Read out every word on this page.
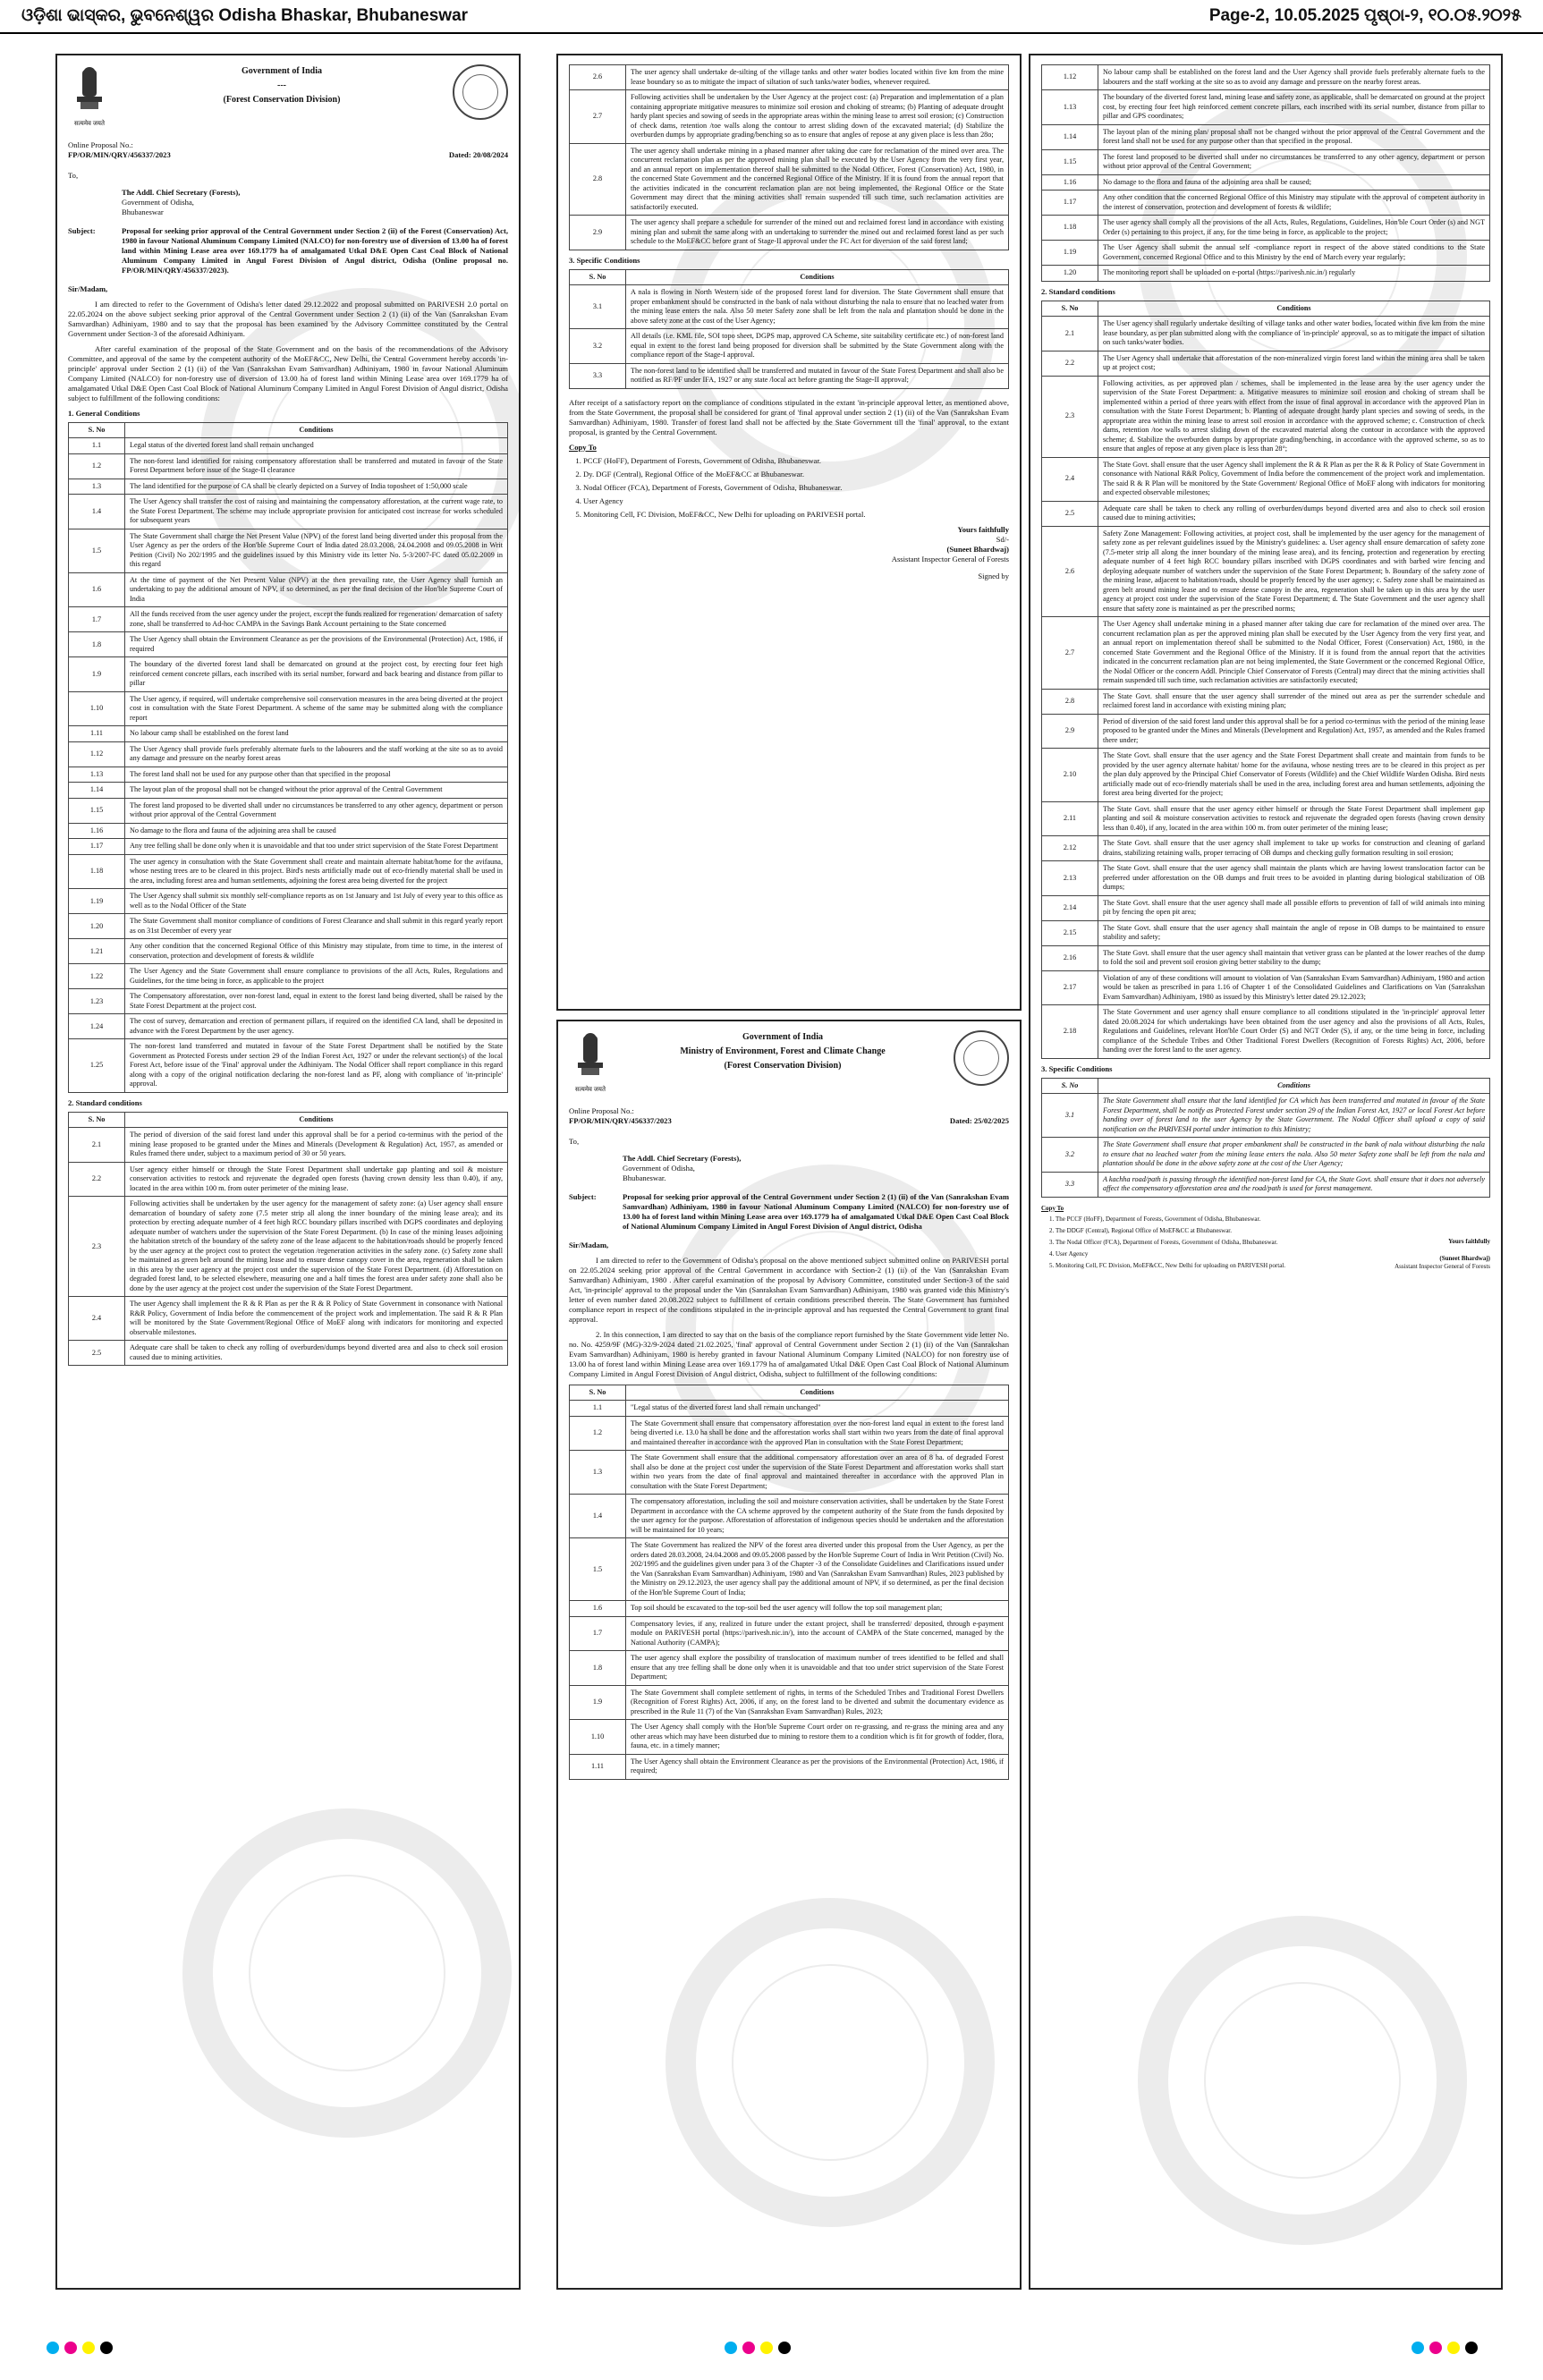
ଓଡ଼ିଶା ଭାସ୍କର, ଭୁବନେଶ୍ୱର Odisha Bhaskar, Bhubaneswar	Page-2, 10.05.2025 ପୃଷ୍ଠା-୨, ୧୦.୦୫.୨୦୨୫
सत्यमेव जयते
Government of India
---
(Forest Conservation Division)
Online Proposal No.:
FP/OR/MIN/QRY/456337/2023	Dated: 20/08/2024
To,
The Addl. Chief Secretary (Forests),
Government of Odisha,
Bhubaneswar
Subject:	Proposal for seeking prior approval of the Central Government under Section 2 (ii) of the Forest (Conservation) Act, 1980 in favour National Aluminum Company Limited (NALCO) for non-forestry use of diversion of 13.00 ha of forest land within Mining Lease area over 169.1779 ha of amalgamated Utkal D&E Open Cast Coal Block of National Aluminum Company Limited in Angul Forest Division of Angul district, Odisha (Online proposal no. FP/OR/MIN/QRY/456337/2023).
Sir/Madam,

I am directed to refer to the Government of Odisha's letter dated 29.12.2022 and proposal submitted on PARIVESH 2.0 portal on 22.05.2024 on the above subject seeking prior approval of the Central Government under Section 2 (1) (ii) of the Van (Sanrakshan Evam Samvardhan) Adhiniyam, 1980 and to say that the proposal has been examined by the Advisory Committee constituted by the Central Government under Section-3 of the aforesaid Adhiniyam.

After careful examination of the proposal of the State Government and on the basis of the recommendations of the Advisory Committee, and approval of the same by the competent authority of the MoEF&CC, New Delhi, the Central Government hereby accords 'in-principle' approval under Section 2 (1) (ii) of the Van (Sanrakshan Evam Samvardhan) Adhiniyam, 1980 in favour National Aluminum Company Limited (NALCO) for non-forestry use of diversion of 13.00 ha of forest land within Mining Lease area over 169.1779 ha of amalgamated Utkal D&E Open Cast Coal Block of National Aluminum Company Limited in Angul Forest Division of Angul district, Odisha subject to fulfillment of the following conditions:

1. General Conditions
S. No	Conditions
1.1	Legal status of the diverted forest land shall remain unchanged
1.2	The non-forest land identified for raising compensatory afforestation shall be transferred and mutated in favour of the State Forest Department before issue of the Stage-II clearance
1.3	The land identified for the purpose of CA shall be clearly depicted on a Survey of India toposheet of 1:50,000 scale
1.4	The User Agency shall transfer the cost of raising and maintaining the compensatory afforestation, at the current wage rate, to the State Forest Department. The scheme may include appropriate provision for anticipated cost increase for works scheduled for subsequent years
1.5	The State Government shall charge the Net Present Value (NPV) of the forest land being diverted under this proposal from the User Agency as per the orders of the Hon'ble Supreme Court of India dated 28.03.2008, 24.04.2008 and 09.05.2008 in Writ Petition (Civil) No 202/1995 and the guidelines issued by this Ministry vide its letter No. 5-3/2007-FC dated 05.02.2009 in this regard
1.6	At the time of payment of the Net Present Value (NPV) at the then prevailing rate, the User Agency shall furnish an undertaking to pay the additional amount of NPV, if so determined, as per the final decision of the Hon'ble Supreme Court of India
1.7	All the funds received from the user agency under the project, except the funds realized for regeneration/ demarcation of safety zone, shall be transferred to Ad-hoc CAMPA in the Savings Bank Account pertaining to the State concerned
1.8	The User Agency shall obtain the Environment Clearance as per the provisions of the Environmental (Protection) Act, 1986, if required
1.9	The boundary of the diverted forest land shall be demarcated on ground at the project cost, by erecting four feet high reinforced cement concrete pillars, each inscribed with its serial number, forward and back bearing and distance from pillar to pillar
1.10	The User agency, if required, will undertake comprehensive soil conservation measures in the area being diverted at the project cost in consultation with the State Forest Department. A scheme of the same may be submitted along with the compliance report
1.11	No labour camp shall be established on the forest land
1.12	The User Agency shall provide fuels preferably alternate fuels to the labourers and the staff working at the site so as to avoid any damage and pressure on the nearby forest areas
1.13	The forest land shall not be used for any purpose other than that specified in the proposal
1.14	The layout plan of the proposal shall not be changed without the prior approval of the Central Government
1.15	The forest land proposed to be diverted shall under no circumstances be transferred to any other agency, department or person without prior approval of the Central Government
1.16	No damage to the flora and fauna of the adjoining area shall be caused
1.17	Any tree felling shall be done only when it is unavoidable and that too under strict supervision of the State Forest Department
1.18	The user agency in consultation with the State Government shall create and maintain alternate habitat/home for the avifauna, whose nesting trees are to be cleared in this project. Bird's nests artificially made out of eco-friendly material shall be used in the area, including forest area and human settlements, adjoining the forest area being diverted for the project
1.19	The User Agency shall submit six monthly self-compliance reports as on 1st January and 1st July of every year to this office as well as to the Nodal Officer of the State
1.20	The State Government shall monitor compliance of conditions of Forest Clearance and shall submit in this regard yearly report as on 31st December of every year
1.21	Any other condition that the concerned Regional Office of this Ministry may stipulate, from time to time, in the interest of conservation, protection and development of forests & wildlife
1.22	The User Agency and the State Government shall ensure compliance to provisions of the all Acts, Rules, Regulations and Guidelines, for the time being in force, as applicable to the project
1.23	The Compensatory afforestation, over non-forest land, equal in extent to the forest land being diverted, shall be raised by the State Forest Department at the project cost.
1.24	The cost of survey, demarcation and erection of permanent pillars, if required on the identified CA land, shall be deposited in advance with the Forest Department by the user agency.
1.25	The non-forest land transferred and mutated in favour of the State Forest Department shall be notified by the State Government as Protected Forests under section 29 of the Indian Forest Act, 1927 or under the relevant section(s) of the local Forest Act, before issue of the 'Final' approval under the Adhiniyam. The Nodal Officer shall report compliance in this regard along with a copy of the original notification declaring the non-forest land as PF, along with compliance of 'in-principle' approval.
2. Standard conditions
S. No	Conditions
2.1	The period of diversion of the said forest land under this approval shall be for a period co-terminus with the period of the mining lease proposed to be granted under the Mines and Minerals (Development & Regulation) Act, 1957, as amended or Rules framed there under, subject to a maximum period of 30 or 50 years.
2.2	User agency either himself or through the State Forest Department shall undertake gap planting and soil & moisture conservation activities to restock and rejuvenate the degraded open forests (having crown density less than 0.40), if any, located in the area within 100 m. from outer perimeter of the mining lease.
2.3	Following activities shall be undertaken by the user agency for the management of safety zone: (a) User agency shall ensure demarcation of boundary of safety zone (7.5 meter strip all along the inner boundary of the mining lease area); and its protection by erecting adequate number of 4 feet high RCC boundary pillars inscribed with DGPS coordinates and deploying adequate number of watchers under the supervision of the State Forest Department. (b) In case of the mining leases adjoining the habitation stretch of the boundary of the safety zone of the lease adjacent to the habitation/roads should be properly fenced by the user agency at the project cost to protect the vegetation /regeneration activities in the safety zone. (c) Safety zone shall be maintained as green belt around the mining lease and to ensure dense canopy cover in the area, regeneration shall be taken in this area by the user agency at the project cost under the supervision of the State Forest Department. (d) Afforestation on degraded forest land, to be selected elsewhere, measuring one and a half times the forest area under safety zone shall also be done by the user agency at the project cost under the supervision of the State Forest Department.
2.4	The user Agency shall implement the R & R Plan as per the R & R Policy of State Government in consonance with National R&R Policy, Government of India before the commencement of the project work and implementation. The said R & R Plan will be monitored by the State Government/Regional Office of MoEF along with indicators for monitoring and expected observable milestones.
2.5	Adequate care shall be taken to check any rolling of overburden/dumps beyond diverted area and also to check soil erosion caused due to mining activities.
2.6	The user agency shall undertake de-silting of the village tanks and other water bodies located within five km from the mine lease boundary so as to mitigate the impact of siltation of such tanks/water bodies, whenever required.
2.7	Following activities shall be undertaken by the User Agency at the project cost: (a) Preparation and implementation of a plan containing appropriate mitigative measures to minimize soil erosion and choking of streams; (b) Planting of adequate drought hardy plant species and sowing of seeds in the appropriate areas within the mining lease to arrest soil erosion; (c) Construction of check dams, retention /toe walls along the contour to arrest sliding down of the excavated material; (d) Stabilize the overburden dumps by appropriate grading/benching so as to ensure that angles of repose at any given place is less than 28o;
2.8	The user agency shall undertake mining in a phased manner after taking due care for reclamation of the mined over area. The concurrent reclamation plan as per the approved mining plan shall be executed by the User Agency from the very first year, and an annual report on implementation thereof shall be submitted to the Nodal Officer, Forest (Conservation) Act, 1980, in the concerned State Government and the concerned Regional Office of the Ministry. If it is found from the annual report that the activities indicated in the concurrent reclamation plan are not being implemented, the Regional Office or the State Government may direct that the mining activities shall remain suspended till such time, such reclamation activities are satisfactorily executed.
2.9	The user agency shall prepare a schedule for surrender of the mined out and reclaimed forest land in accordance with existing mining plan and submit the same along with an undertaking to surrender the mined out and reclaimed forest land as per such schedule to the MoEF&CC before grant of Stage-II approval under the FC Act for diversion of the said forest land;
3. Specific Conditions
S. No	Conditions
3.1	A nala is flowing in North Western side of the proposed forest land for diversion. The State Government shall ensure that proper embankment should be constructed in the bank of nala without disturbing the nala to ensure that no leached water from the mining lease enters the nala. Also 50 meter Safety zone shall be left from the nala and plantation should be done in the above safety zone at the cost of the User Agency;
3.2	All details (i.e. KML file, SOI topo sheet, DGPS map, approved CA Scheme, site suitability certificate etc.) of non-forest land equal in extent to the forest land being proposed for diversion shall be submitted by the State Government along with the compliance report of the Stage-I approval.
3.3	The non-forest land to be identified shall be transferred and mutated in favour of the State Forest Department and shall also be notified as RF/PF under IFA, 1927 or any state /local act before granting the Stage-II approval;

After receipt of a satisfactory report on the compliance of conditions stipulated in the extant 'in-principle approval letter, as mentioned above, from the State Government, the proposal shall be considered for grant of 'final approval under section 2 (1) (ii) of the Van (Sanrakshan Evam Samvardhan) Adhiniyam, 1980. Transfer of forest land shall not be affected by the State Government till the 'final' approval, to the extant proposal, is granted by the Central Government.

Copy To
1. PCCF (HoFF), Department of Forests, Government of Odisha, Bhubaneswar.
2. Dy. DGF (Central), Regional Office of the MoEF&CC at Bhubaneswar.
3. Nodal Officer (FCA), Department of Forests, Government of Odisha, Bhubaneswar.
4. User Agency
5. Monitoring Cell, FC Division, MoEF&CC, New Delhi for uploading on PARIVESH portal.
Yours faithfully
Sd/-
(Suneet Bhardwaj)
Assistant Inspector General of Forests
Signed by
सत्यमेव जयते
Government of India
Ministry of Environment, Forest and Climate Change
(Forest Conservation Division)
Online Proposal No.:
FP/OR/MIN/QRY/456337/2023	Dated: 25/02/2025
To,
The Addl. Chief Secretary (Forests),
Government of Odisha,
Bhubaneswar.
Subject:	Proposal for seeking prior approval of the Central Government under Section 2 (1) (ii) of the Van (Sanrakshan Evam Samvardhan) Adhiniyam, 1980 in favour National Aluminum Company Limited (NALCO) for non-forestry use of 13.00 ha of forest land within Mining Lease area over 169.1779 ha of amalgamated Utkal D&E Open Cast Coal Block of National Aluminum Company Limited in Angul Forest Division of Angul district, Odisha
Sir/Madam,

I am directed to refer to the Government of Odisha's proposal on the above mentioned subject submitted online on PARIVESH portal on 22.05.2024 seeking prior approval of the Central Government in accordance with Section-2 (1) (ii) of the Van (Sanrakshan Evam Samvardhan) Adhiniyam, 1980 . After careful examination of the proposal by Advisory Committee, constituted under Section-3 of the said Act, 'in-principle' approval to the proposal under the Van (Sanrakshan Evam Samvardhan) Adhiniyam, 1980 was granted vide this Ministry's letter of even number dated 20.08.2022 subject to fulfillment of certain conditions prescribed therein. The State Government has furnished compliance report in respect of the conditions stipulated in the in-principle approval and has requested the Central Government to grant final approval.

2. In this connection, I am directed to say that on the basis of the compliance report furnished by the State Government vide letter No. no. No. 4259/9F (MG)-32/9-2024 dated 21.02.2025, 'final' approval of Central Government under Section 2 (1) (ii) of the Van (Sanrakshan Evam Samvardhan) Adhiniyam, 1980 is hereby granted in favour National Aluminum Company Limited (NALCO) for non forestry use of 13.00 ha of forest land within Mining Lease area over 169.1779 ha of amalgamated Utkal D&E Open Cast Coal Block of National Aluminum Company Limited in Angul Forest Division of Angul district, Odisha, subject to fulfillment of the following conditions:

S. No	Conditions
1.1	"Legal status of the diverted forest land shall remain unchanged"
1.2	The State Government shall ensure that compensatory afforestation over the non-forest land equal in extent to the forest land being diverted i.e. 13.0 ha shall be done and the afforestation works shall start within two years from the date of final approval and maintained thereafter in accordance with the approved Plan in consultation with the State Forest Department;
1.3	The State Government shall ensure that the additional compensatory afforestation over an area of 8 ha. of degraded Forest shall also be done at the project cost under the supervision of the State Forest Department and afforestation works shall start within two years from the date of final approval and maintained thereafter in accordance with the approved Plan in consultation with the State Forest Department;
1.4	The compensatory afforestation, including the soil and moisture conservation activities, shall be undertaken by the State Forest Department in accordance with the CA scheme approved by the competent authority of the State from the funds deposited by the user agency for the purpose. Afforestation of afforestation of indigenous species should be undertaken and the afforestation will be maintained for 10 years;
1.5	The State Government has realized the NPV of the forest area diverted under this proposal from the User Agency, as per the orders dated 28.03.2008, 24.04.2008 and 09.05.2008 passed by the Hon'ble Supreme Court of India in Writ Petition (Civil) No. 202/1995 and the guidelines given under para 3 of the Chapter -3 of the Consolidate Guidelines and Clarifications issued under the Van (Sanrakshan Evam Samvardhan) Adhiniyam, 1980 and Van (Sanrakshan Evam Samvardhan) Rules, 2023 published by the Ministry on 29.12.2023, the user agency shall pay the additional amount of NPV, if so determined, as per the final decision of the Hon'ble Supreme Court of India;
1.6	Top soil should be excavated to the top-soil bed the user agency will follow the top soil management plan;
1.7	Compensatory levies, if any, realized in future under the extant project, shall be transferred/ deposited, through e-payment module on PARIVESH portal (https://parivesh.nic.in/), into the account of CAMPA of the State concerned, managed by the National Authority (CAMPA);
1.8	The user agency shall explore the possibility of translocation of maximum number of trees identified to be felled and shall ensure that any tree felling shall be done only when it is unavoidable and that too under strict supervision of the State Forest Department;
1.9	The State Government shall complete settlement of rights, in terms of the Scheduled Tribes and Traditional Forest Dwellers (Recognition of Forest Rights) Act, 2006, if any, on the forest land to be diverted and submit the documentary evidence as prescribed in the Rule 11 (7) of the Van (Sanrakshan Evam Samvardhan) Rules, 2023;
1.10	The User Agency shall comply with the Hon'ble Supreme Court order on re-grassing, and re-grass the mining area and any other areas which may have been disturbed due to mining to restore them to a condition which is fit for growth of fodder, flora, fauna, etc. in a timely manner;
1.11	The User Agency shall obtain the Environment Clearance as per the provisions of the Environmental (Protection) Act, 1986, if required;
1.12	No labour camp shall be established on the forest land and the User Agency shall provide fuels preferably alternate fuels to the labourers and the staff working at the site so as to avoid any damage and pressure on the nearby forest areas.
1.13	The boundary of the diverted forest land, mining lease and safety zone, as applicable, shall be demarcated on ground at the project cost, by erecting four feet high reinforced cement concrete pillars, each inscribed with its serial number, distance from pillar to pillar and GPS coordinates;
1.14	The layout plan of the mining plan/ proposal shall not be changed without the prior approval of the Central Government and the forest land shall not be used for any purpose other than that specified in the proposal.
1.15	The forest land proposed to be diverted shall under no circumstances be transferred to any other agency, department or person without prior approval of the Central Government;
1.16	No damage to the flora and fauna of the adjoining area shall be caused;
1.17	Any other condition that the concerned Regional Office of this Ministry may stipulate with the approval of competent authority in the interest of conservation, protection and development of forests & wildlife;
1.18	The user agency shall comply all the provisions of the all Acts, Rules, Regulations, Guidelines, Hon'ble Court Order (s) and NGT Order (s) pertaining to this project, if any, for the time being in force, as applicable to the project;
1.19	The User Agency shall submit the annual self -compliance report in respect of the above stated conditions to the State Government, concerned Regional Office and to this Ministry by the end of March every year regularly;
1.20	The monitoring report shall be uploaded on e-portal (https://parivesh.nic.in/) regularly
2. Standard conditions
S. No	Conditions
2.1	The User agency shall regularly undertake desilting of village tanks and other water bodies, located within five km from the mine lease boundary, as per plan submitted along with the compliance of 'in-principle' approval, so as to mitigate the impact of siltation on such tanks/water bodies.
2.2	The User Agency shall undertake that afforestation of the non-mineralized virgin forest land within the mining area shall be taken up at project cost;
2.3	Following activities, as per approved plan / schemes, shall be implemented in the lease area by the user agency under the supervision of the State Forest Department: a. Mitigative measures to minimize soil erosion and choking of stream shall be implemented within a period of three years with effect from the issue of final approval in accordance with the approved Plan in consultation with the State Forest Department; b. Planting of adequate drought hardy plant species and sowing of seeds, in the appropriate area within the mining lease to arrest soil erosion in accordance with the approved scheme; c. Construction of check dams, retention /toe walls to arrest sliding down of the excavated material along the contour in accordance with the approved scheme; d. Stabilize the overburden dumps by appropriate grading/benching, in accordance with the approved scheme, so as to ensure that angles of repose at any given place is less than 28°;
2.4	The State Govt. shall ensure that the user Agency shall implement the R & R Plan as per the R & R Policy of State Government in consonance with National R&R Policy, Government of India before the commencement of the project work and implementation. The said R & R Plan will be monitored by the State Government/ Regional Office of MoEF along with indicators for monitoring and expected observable milestones;
2.5	Adequate care shall be taken to check any rolling of overburden/dumps beyond diverted area and also to check soil erosion caused due to mining activities;
2.6	Safety Zone Management: Following activities, at project cost, shall be implemented by the user agency for the management of safety zone as per relevant guidelines issued by the Ministry's guidelines: a. User agency shall ensure demarcation of safety zone (7.5-meter strip all along the inner boundary of the mining lease area), and its fencing, protection and regeneration by erecting adequate number of 4 feet high RCC boundary pillars inscribed with DGPS coordinates and with barbed wire fencing and deploying adequate number of watchers under the supervision of the State Forest Department; b. Boundary of the safety zone of the mining lease, adjacent to habitation/roads, should be properly fenced by the user agency; c. Safety zone shall be maintained as green belt around mining lease and to ensure dense canopy in the area, regeneration shall be taken up in this area by the user agency at project cost under the supervision of the State Forest Department; d. The State Government and the user agency shall ensure that safety zone is maintained as per the prescribed norms;
2.7	The User Agency shall undertake mining in a phased manner after taking due care for reclamation of the mined over area. The concurrent reclamation plan as per the approved mining plan shall be executed by the User Agency from the very first year, and an annual report on implementation thereof shall be submitted to the Nodal Officer, Forest (Conservation) Act, 1980, in the concerned State Government and the Regional Office of the Ministry. If it is found from the annual report that the activities indicated in the concurrent reclamation plan are not being implemented, the State Government or the concerned Regional Office, the Nodal Officer or the concern Addl. Principle Chief Conservator of Forests (Central) may direct that the mining activities shall remain suspended till such time, such reclamation activities are satisfactorily executed;
2.8	The State Govt. shall ensure that the user agency shall surrender of the mined out area as per the surrender schedule and reclaimed forest land in accordance with existing mining plan;
2.9	Period of diversion of the said forest land under this approval shall be for a period co-terminus with the period of the mining lease proposed to be granted under the Mines and Minerals (Development and Regulation) Act, 1957, as amended and the Rules framed there under;
2.10	The State Govt. shall ensure that the user agency and the State Forest Department shall create and maintain from funds to be provided by the user agency alternate habitat/ home for the avifauna, whose nesting trees are to be cleared in this project as per the plan duly approved by the Principal Chief Conservator of Forests (Wildlife) and the Chief Wildlife Warden Odisha. Bird nests artificially made out of eco-friendly materials shall be used in the area, including forest area and human settlements, adjoining the forest area being diverted for the project;
2.11	The State Govt. shall ensure that the user agency either himself or through the State Forest Department shall implement gap planting and soil & moisture conservation activities to restock and rejuvenate the degraded open forests (having crown density less than 0.40), if any, located in the area within 100 m. from outer perimeter of the mining lease;
2.12	The State Govt. shall ensure that the user agency shall implement to take up works for construction and cleaning of garland drains, stabilizing retaining walls, proper terracing of OB dumps and checking gully formation resulting in soil erosion;
2.13	The State Govt. shall ensure that the user agency shall maintain the plants which are having lowest translocation factor can be preferred under afforestation on the OB dumps and fruit trees to be avoided in planting during biological stabilization of OB dumps;
2.14	The State Govt. shall ensure that the user agency shall made all possible efforts to prevention of fall of wild animals into mining pit by fencing the open pit area;
2.15	The State Govt. shall ensure that the user agency shall maintain the angle of repose in OB dumps to be maintained to ensure stability and safety;
2.16	The State Govt. shall ensure that the user agency shall maintain that vetiver grass can be planted at the lower reaches of the dump to fold the soil and prevent soil erosion giving better stability to the dump;
2.17	Violation of any of these conditions will amount to violation of Van (Sanrakshan Evam Samvardhan) Adhiniyam, 1980 and action would be taken as prescribed in para 1.16 of Chapter 1 of the Consolidated Guidelines and Clarifications on Van (Sanrakshan Evam Samvardhan) Adhiniyam, 1980 as issued by this Ministry's letter dated 29.12.2023;
2.18	The State Government and user agency shall ensure compliance to all conditions stipulated in the 'in-principle' approval letter dated 20.08.2024 for which undertakings have been obtained from the user agency and also the provisions of all Acts, Rules, Regulations and Guidelines, relevant Hon'ble Court Order (S) and NGT Order (S), if any, or the time being in force, including compliance of the Schedule Tribes and Other Traditional Forest Dwellers (Recognition of Forests Rights) Act, 2006, before handing over the forest land to the user agency.
3. Specific Conditions
S. No	Conditions
3.1	The State Government shall ensure that the land identified for CA which has been transferred and mutated in favour of the State Forest Department, shall be notify as Protected Forest under section 29 of the Indian Forest Act, 1927 or local Forest Act before handing over of forest land to the user Agency by the State Government. The Nodal Officer shall upload a copy of said notification on the PARIVESH portal under intimation to this Ministry;
3.2	The State Government shall ensure that proper embankment shall be constructed in the bank of nala without disturbing the nala to ensure that no leached water from the mining lease enters the nala. Also 50 meter Safety zone shall be left from the nala and plantation should be done in the above safety zone at the cost of the User Agency;
3.3	A kachha road/path is passing through the identified non-forest land for CA, the State Govt. shall ensure that it does not adversely affect the compensatory afforestation area and the road/path is used for forest management.
Copy To
1. The PCCF (HoFF), Department of Forests, Government of Odisha, Bhubaneswar.
2. The DDGF (Central), Regional Office of MoEF&CC at Bhubaneswar.
3. The Nodal Officer (FCA), Department of Forests, Government of Odisha, Bhubaneswar.
4. User Agency
5. Monitoring Cell, FC Division, MoEF&CC, New Delhi for uploading on PARIVESH portal.
Yours faithfully
(Suneet Bhardwaj)
Assistant Inspector General of Forests
